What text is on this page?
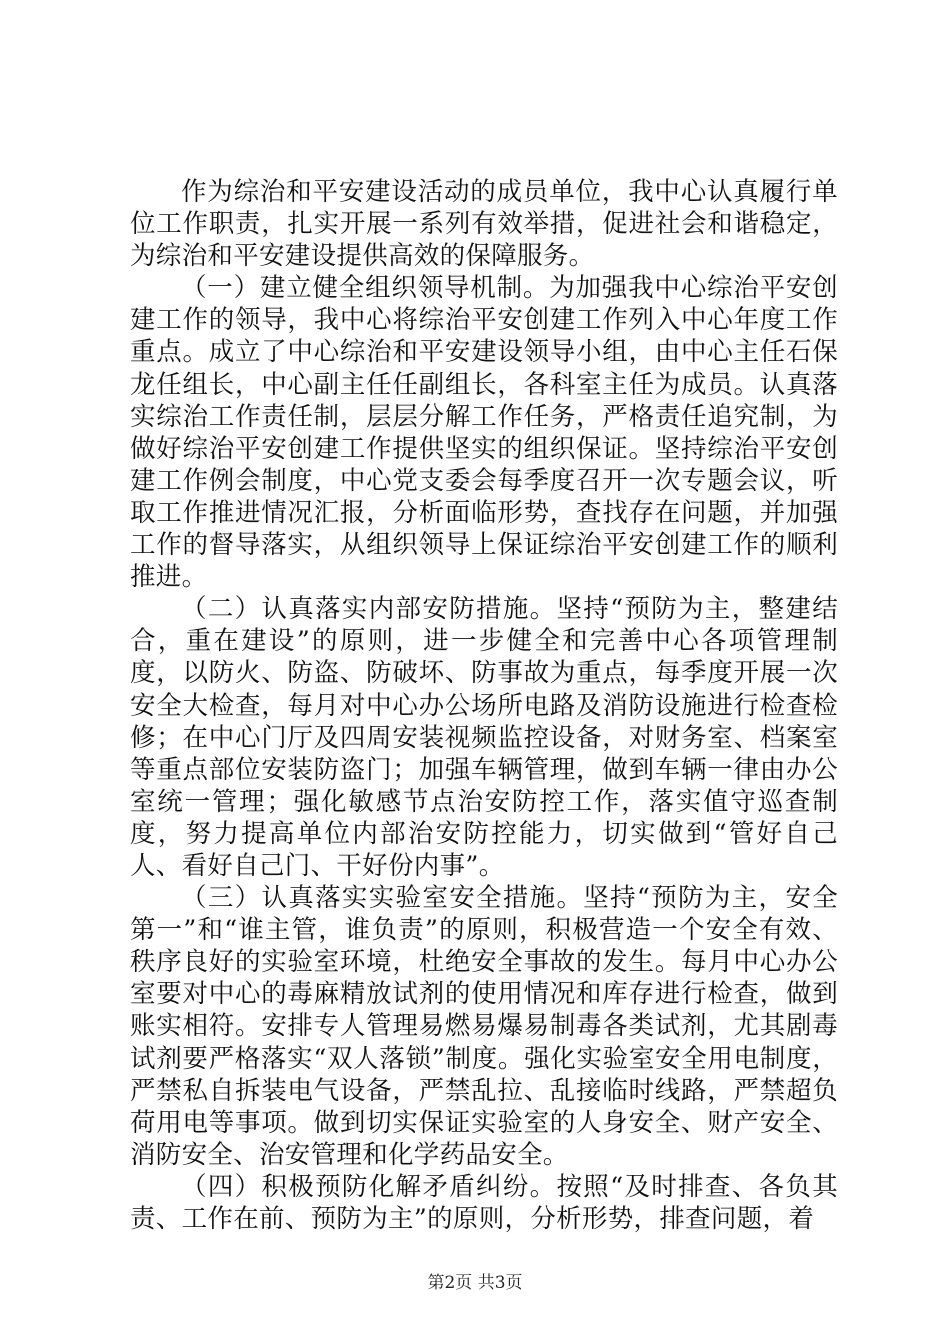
作为综治和平安建设活动的成员单位，我中心认真履行单位工作职责，扎实开展一系列有效举措，促进社会和谐稳定，为综治和平安建设提供高效的保障服务。

（一）建立健全组织领导机制。为加强我中心综治平安创建工作的领导，我中心将综治平安创建工作列入中心年度工作重点。成立了中心综治和平安建设领导小组，由中心主任石保龙任组长，中心副主任任副组长，各科室主任为成员。认真落实综治工作责任制，层层分解工作任务，严格责任追究制，为做好综治平安创建工作提供坚实的组织保证。坚持综治平安创建工作例会制度，中心党支委会每季度召开一次专题会议，听取工作推进情况汇报，分析面临形势，查找存在问题，并加强工作的督导落实，从组织领导上保证综治平安创建工作的顺利推进。

（二）认真落实内部安防措施。坚持“预防为主，整建结合，重在建设”的原则，进一步健全和完善中心各项管理制度，以防火、防盗、防破坏、防事故为重点，每季度开展一次安全大检查，每月对中心办公场所电路及消防设施进行检查检修；在中心门厅及四周安装视频监控设备，对财务室、档案室等重点部位安装防盗门；加强车辆管理，做到车辆一律由办公室统一管理；强化敏感节点治安防控工作，落实值守巡查制度，努力提高单位内部治安防控能力，切实做到“管好自己人、看好自己门、干好份内事”。

（三）认真落实实验室安全措施。坚持“预防为主，安全第一”和“谁主管，谁负责”的原则，积极营造一个安全有效、秩序良好的实验室环境，杜绝安全事故的发生。每月中心办公室要对中心的毒麻精放试剂的使用情况和库存进行检查，做到账实相符。安排专人管理易燃易爆易制毒各类试剂，尤其剧毒试剂要严格落实“双人落锁”制度。强化实验室安全用电制度，严禁私自拆装电气设备，严禁乱拉、乱接临时线路，严禁超负荷用电等事项。做到切实保证实验室的人身安全、财产安全、消防安全、治安管理和化学药品安全。

（四）积极预防化解矛盾纠纷。按照“及时排查、各负其责、工作在前、预防为主”的原则，分析形势，排查问题，着

第2页 共3页
